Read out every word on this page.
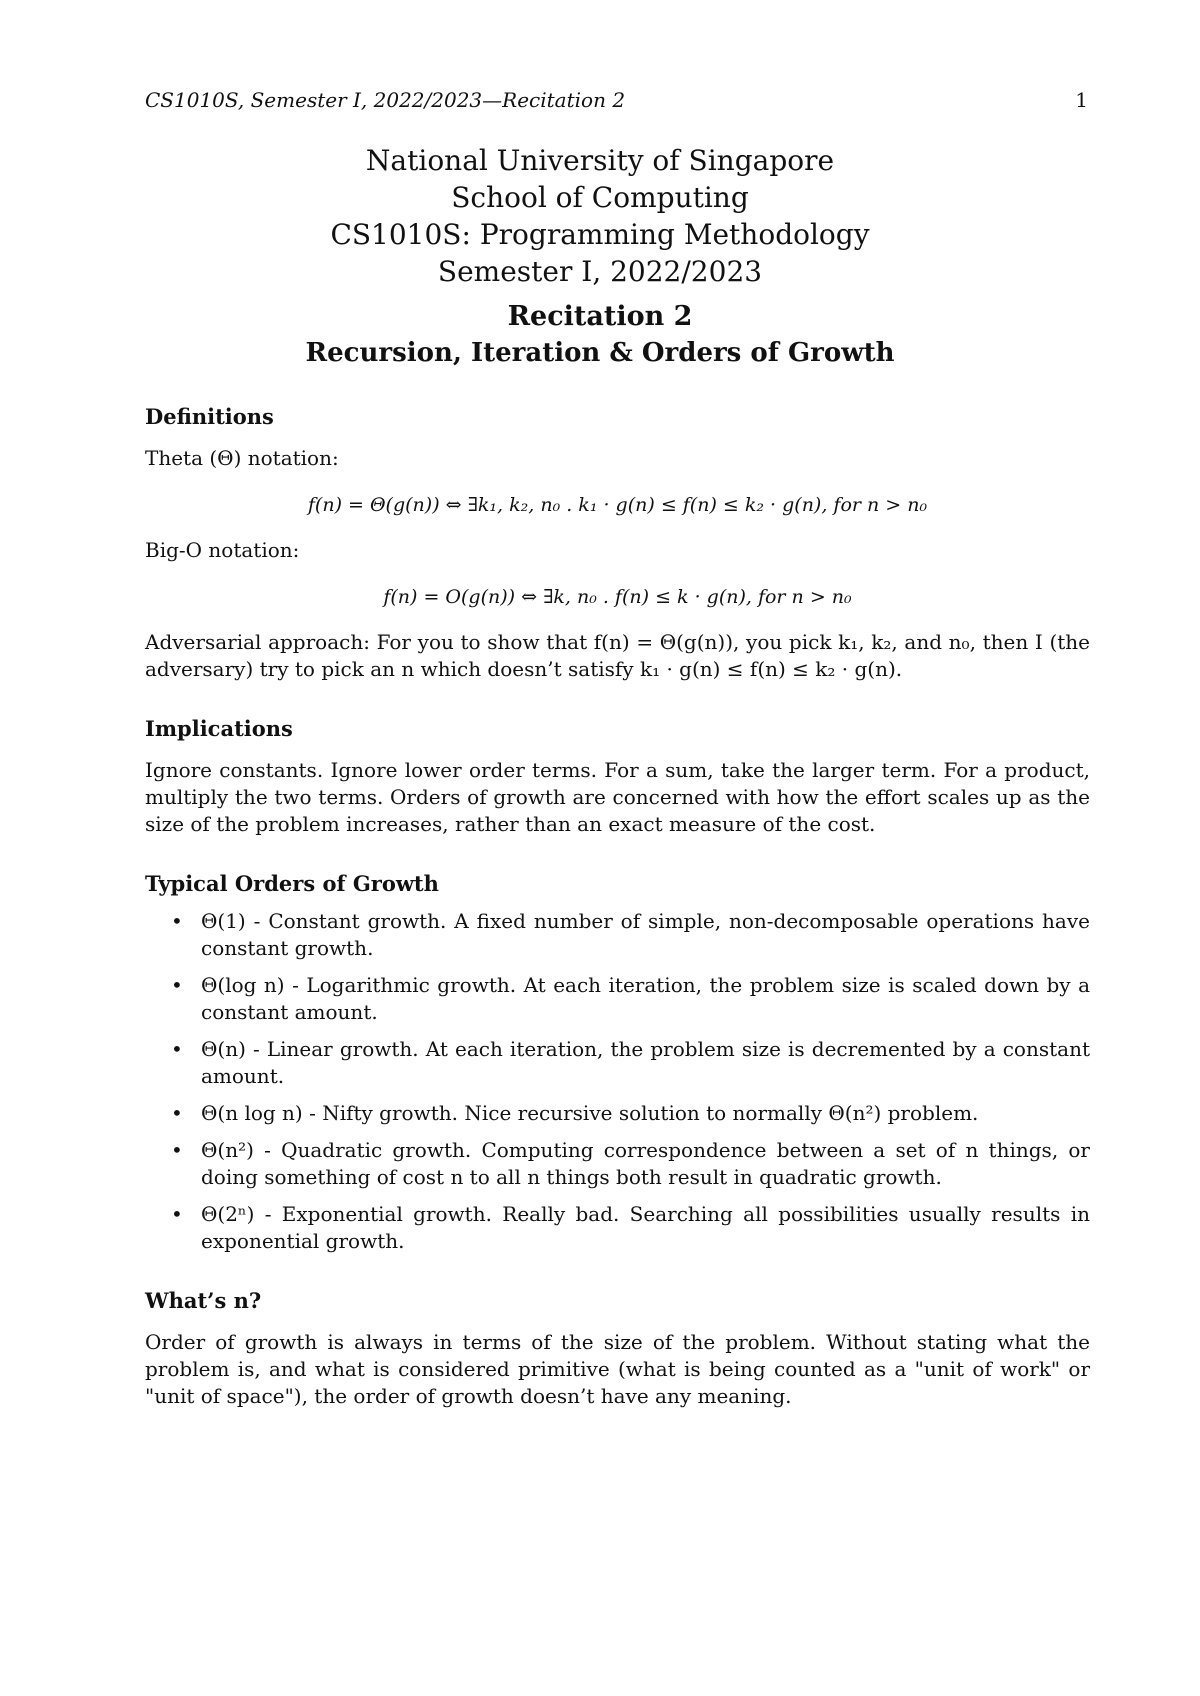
CS1010S, Semester I, 2022/2023—Recitation 2	1
National University of Singapore
School of Computing
CS1010S: Programming Methodology
Semester I, 2022/2023
Recitation 2
Recursion, Iteration & Orders of Growth
Definitions

Theta (Θ) notation:

f(n) = Θ(g(n)) ⇔ ∃k₁, k₂, n₀ . k₁ · g(n) ≤ f(n) ≤ k₂ · g(n), for n > n₀

Big-O notation:

f(n) = O(g(n)) ⇔ ∃k, n₀ . f(n) ≤ k · g(n), for n > n₀

Adversarial approach: For you to show that f(n) = Θ(g(n)), you pick k₁, k₂, and n₀, then I (the adversary) try to pick an n which doesn’t satisfy k₁ · g(n) ≤ f(n) ≤ k₂ · g(n).

Implications

Ignore constants. Ignore lower order terms. For a sum, take the larger term. For a product, multiply the two terms. Orders of growth are concerned with how the effort scales up as the size of the problem increases, rather than an exact measure of the cost.

Typical Orders of Growth
• Θ(1) - Constant growth. A fixed number of simple, non-decomposable operations have constant growth.
• Θ(log n) - Logarithmic growth. At each iteration, the problem size is scaled down by a constant amount.
• Θ(n) - Linear growth. At each iteration, the problem size is decremented by a constant amount.
• Θ(n log n) - Nifty growth. Nice recursive solution to normally Θ(n²) problem.
• Θ(n²) - Quadratic growth. Computing correspondence between a set of n things, or doing something of cost n to all n things both result in quadratic growth.
• Θ(2ⁿ) - Exponential growth. Really bad. Searching all possibilities usually results in exponential growth.
What’s n?

Order of growth is always in terms of the size of the problem. Without stating what the problem is, and what is considered primitive (what is being counted as a "unit of work" or "unit of space"), the order of growth doesn’t have any meaning.
